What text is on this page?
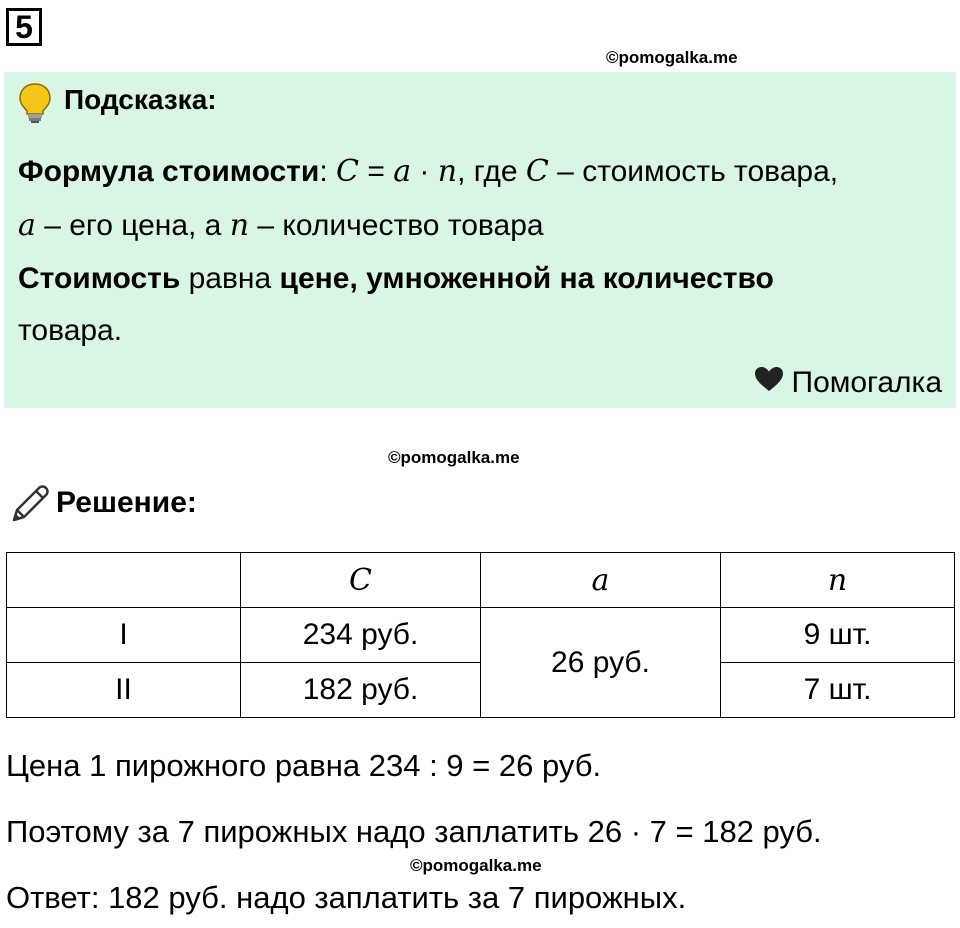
5
©pomogalka.me
Подсказка:
Формула стоимости: C = a · n, где C – стоимость товара,
a – его цена, а n – количество товара
Стоимость равна цене, умноженной на количество
товара.
Помогалка
©pomogalka.me
Решение:
	C	a	n
I	234 руб.	26 руб.	9 шт.
II	182 руб.		7 шт.
Цена 1 пирожного равна 234 : 9 = 26 руб.
Поэтому за 7 пирожных надо заплатить 26 · 7 = 182 руб.
©pomogalka.me
Ответ: 182 руб. надо заплатить за 7 пирожных.
